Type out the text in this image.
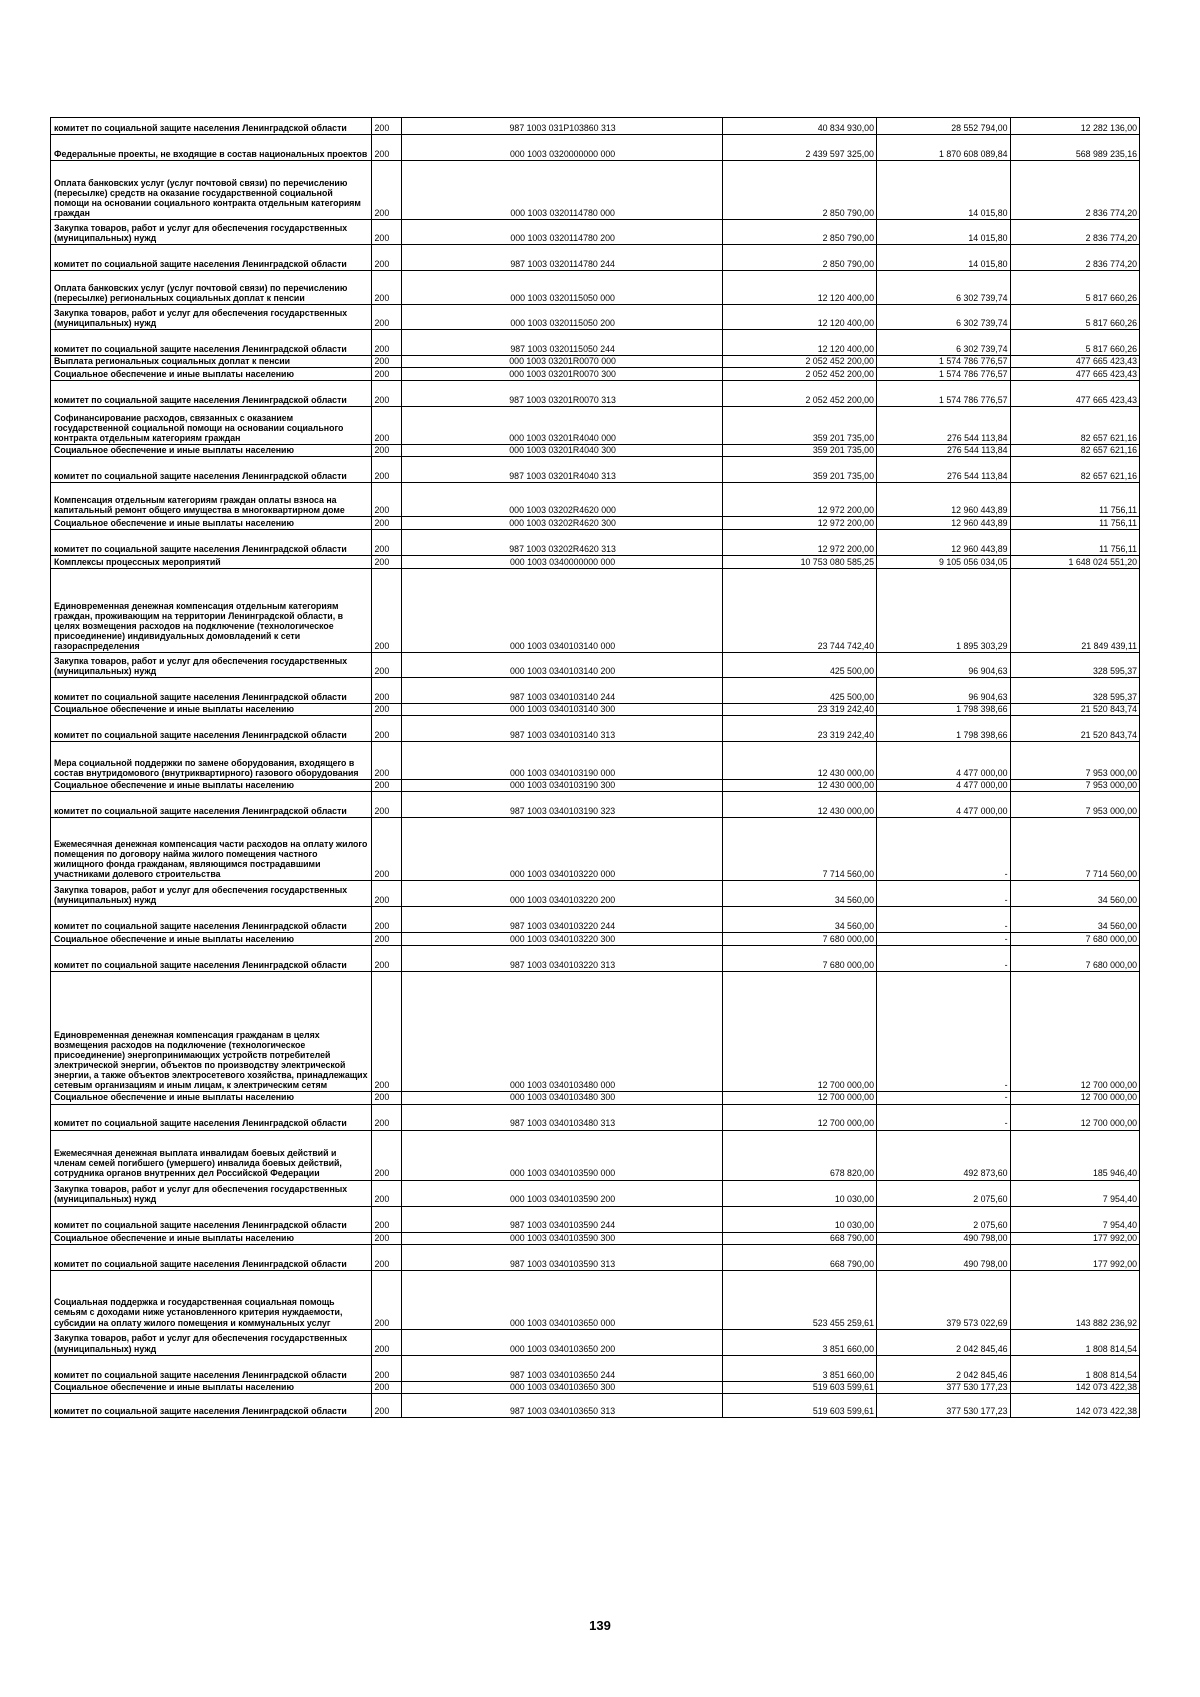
комитет по социальной защите населения Ленинградской области	200	987 1003 031P103860 313	40 834 930,00	28 552 794,00	12 282 136,00
Федеральные проекты, не входящие в состав национальных проектов	200	000 1003 0320000000 000	2 439 597 325,00	1 870 608 089,84	568 989 235,16
Оплата банковских услуг (услуг почтовой связи) по перечислению (пересылке) средств на оказание государственной социальной помощи на основании социального контракта отдельным категориям граждан	200	000 1003 0320114780 000	2 850 790,00	14 015,80	2 836 774,20
Закупка товаров, работ и услуг для обеспечения государственных (муниципальных) нужд	200	000 1003 0320114780 200	2 850 790,00	14 015,80	2 836 774,20
комитет по социальной защите населения Ленинградской области	200	987 1003 0320114780 244	2 850 790,00	14 015,80	2 836 774,20
Оплата банковских услуг (услуг почтовой связи) по перечислению (пересылке) региональных социальных доплат к пенсии	200	000 1003 0320115050 000	12 120 400,00	6 302 739,74	5 817 660,26
Закупка товаров, работ и услуг для обеспечения государственных (муниципальных) нужд	200	000 1003 0320115050 200	12 120 400,00	6 302 739,74	5 817 660,26
комитет по социальной защите населения Ленинградской области	200	987 1003 0320115050 244	12 120 400,00	6 302 739,74	5 817 660,26
Выплата региональных социальных доплат к пенсии	200	000 1003 03201R0070 000	2 052 452 200,00	1 574 786 776,57	477 665 423,43
Социальное обеспечение и иные выплаты населению	200	000 1003 03201R0070 300	2 052 452 200,00	1 574 786 776,57	477 665 423,43
комитет по социальной защите населения Ленинградской области	200	987 1003 03201R0070 313	2 052 452 200,00	1 574 786 776,57	477 665 423,43
Софинансирование расходов, связанных с оказанием государственной социальной помощи на основании социального контракта отдельным категориям граждан	200	000 1003 03201R4040 000	359 201 735,00	276 544 113,84	82 657 621,16
Социальное обеспечение и иные выплаты населению	200	000 1003 03201R4040 300	359 201 735,00	276 544 113,84	82 657 621,16
комитет по социальной защите населения Ленинградской области	200	987 1003 03201R4040 313	359 201 735,00	276 544 113,84	82 657 621,16
Компенсация отдельным категориям граждан оплаты взноса на капитальный ремонт общего имущества в многоквартирном доме	200	000 1003 03202R4620 000	12 972 200,00	12 960 443,89	11 756,11
Социальное обеспечение и иные выплаты населению	200	000 1003 03202R4620 300	12 972 200,00	12 960 443,89	11 756,11
комитет по социальной защите населения Ленинградской области	200	987 1003 03202R4620 313	12 972 200,00	12 960 443,89	11 756,11
Комплексы процессных мероприятий	200	000 1003 0340000000 000	10 753 080 585,25	9 105 056 034,05	1 648 024 551,20
Единовременная денежная компенсация отдельным категориям граждан, проживающим на территории Ленинградской области, в целях возмещения расходов на подключение (технологическое присоединение) индивидуальных домовладений к сети газораспределения	200	000 1003 0340103140 000	23 744 742,40	1 895 303,29	21 849 439,11
Закупка товаров, работ и услуг для обеспечения государственных (муниципальных) нужд	200	000 1003 0340103140 200	425 500,00	96 904,63	328 595,37
комитет по социальной защите населения Ленинградской области	200	987 1003 0340103140 244	425 500,00	96 904,63	328 595,37
Социальное обеспечение и иные выплаты населению	200	000 1003 0340103140 300	23 319 242,40	1 798 398,66	21 520 843,74
комитет по социальной защите населения Ленинградской области	200	987 1003 0340103140 313	23 319 242,40	1 798 398,66	21 520 843,74
Мера социальной поддержки по замене оборудования, входящего в состав внутридомового (внутриквартирного) газового оборудования	200	000 1003 0340103190 000	12 430 000,00	4 477 000,00	7 953 000,00
Социальное обеспечение и иные выплаты населению	200	000 1003 0340103190 300	12 430 000,00	4 477 000,00	7 953 000,00
комитет по социальной защите населения Ленинградской области	200	987 1003 0340103190 323	12 430 000,00	4 477 000,00	7 953 000,00
Ежемесячная денежная компенсация части расходов на оплату жилого помещения по договору найма жилого помещения частного жилищного фонда гражданам, являющимся пострадавшими участниками долевого строительства	200	000 1003 0340103220 000	7 714 560,00	-	7 714 560,00
Закупка товаров, работ и услуг для обеспечения государственных (муниципальных) нужд	200	000 1003 0340103220 200	34 560,00	-	34 560,00
комитет по социальной защите населения Ленинградской области	200	987 1003 0340103220 244	34 560,00	-	34 560,00
Социальное обеспечение и иные выплаты населению	200	000 1003 0340103220 300	7 680 000,00	-	7 680 000,00
комитет по социальной защите населения Ленинградской области	200	987 1003 0340103220 313	7 680 000,00	-	7 680 000,00
Единовременная денежная компенсация гражданам в целях возмещения расходов на подключение (технологическое присоединение) энергопринимающих устройств потребителей электрической энергии, объектов по производству электрической энергии, а также объектов электросетевого хозяйства, принадлежащих сетевым организациям и иным лицам, к электрическим сетям	200	000 1003 0340103480 000	12 700 000,00	-	12 700 000,00
Социальное обеспечение и иные выплаты населению	200	000 1003 0340103480 300	12 700 000,00	-	12 700 000,00
комитет по социальной защите населения Ленинградской области	200	987 1003 0340103480 313	12 700 000,00	-	12 700 000,00
Ежемесячная денежная выплата инвалидам боевых действий и членам семей погибшего (умершего) инвалида боевых действий, сотрудника органов внутренних дел Российской Федерации	200	000 1003 0340103590 000	678 820,00	492 873,60	185 946,40
Закупка товаров, работ и услуг для обеспечения государственных (муниципальных) нужд	200	000 1003 0340103590 200	10 030,00	2 075,60	7 954,40
комитет по социальной защите населения Ленинградской области	200	987 1003 0340103590 244	10 030,00	2 075,60	7 954,40
Социальное обеспечение и иные выплаты населению	200	000 1003 0340103590 300	668 790,00	490 798,00	177 992,00
комитет по социальной защите населения Ленинградской области	200	987 1003 0340103590 313	668 790,00	490 798,00	177 992,00
Социальная поддержка и государственная социальная помощь семьям с доходами ниже установленного критерия нуждаемости, субсидии на оплату жилого помещения и коммунальных услуг	200	000 1003 0340103650 000	523 455 259,61	379 573 022,69	143 882 236,92
Закупка товаров, работ и услуг для обеспечения государственных (муниципальных) нужд	200	000 1003 0340103650 200	3 851 660,00	2 042 845,46	1 808 814,54
комитет по социальной защите населения Ленинградской области	200	987 1003 0340103650 244	3 851 660,00	2 042 845,46	1 808 814,54
Социальное обеспечение и иные выплаты населению	200	000 1003 0340103650 300	519 603 599,61	377 530 177,23	142 073 422,38
комитет по социальной защите населения Ленинградской области	200	987 1003 0340103650 313	519 603 599,61	377 530 177,23	142 073 422,38
139
